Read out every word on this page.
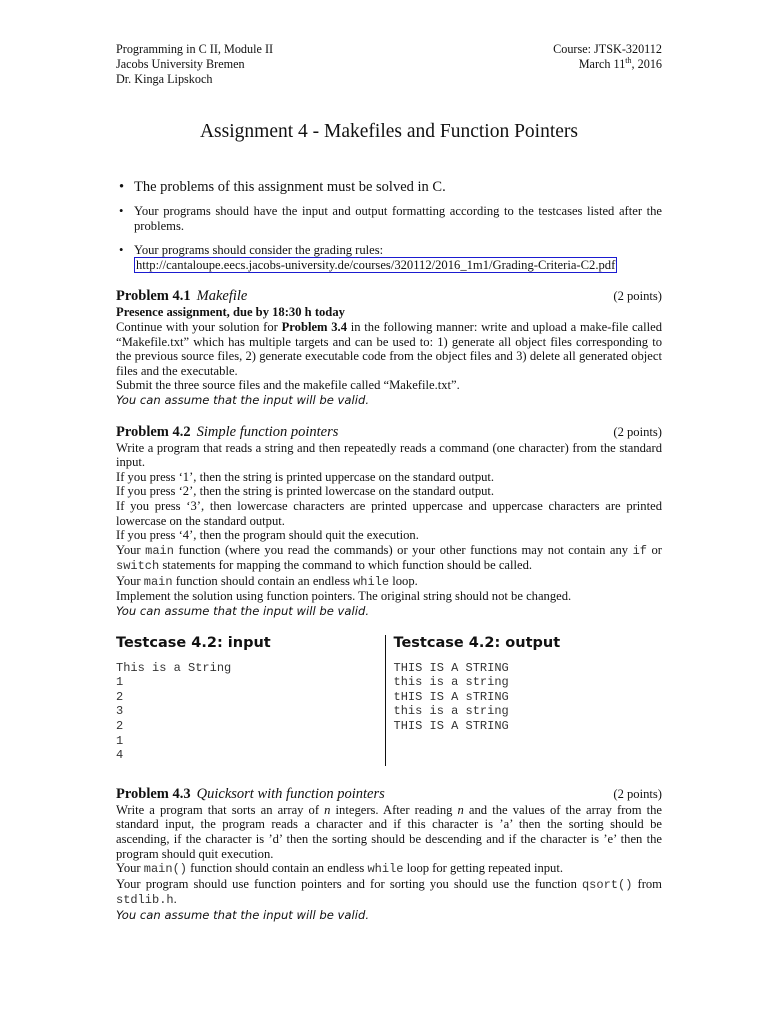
Programming in C II, Module II
Jacobs University Bremen
Dr. Kinga Lipskoch
Course: JTSK-320112
March 11th, 2016
Assignment 4 - Makefiles and Function Pointers
• The problems of this assignment must be solved in C.
• Your programs should have the input and output formatting according to the testcases listed after the problems.
• Your programs should consider the grading rules:
http://cantaloupe.eecs.jacobs-university.de/courses/320112/2016_1m1/Grading-Criteria-C2.pdf
Problem 4.1 Makefile	(2 points)

Presence assignment, due by 18:30 h today

Continue with your solution for Problem 3.4 in the following manner: write and upload a make-file called “Makefile.txt” which has multiple targets and can be used to: 1) generate all object files corresponding to the previous source files, 2) generate executable code from the object files and 3) delete all generated object files and the executable.

Submit the three source files and the makefile called “Makefile.txt”.

You can assume that the input will be valid.

Problem 4.2 Simple function pointers	(2 points)

Write a program that reads a string and then repeatedly reads a command (one character) from the standard input.

If you press ‘1’, then the string is printed uppercase on the standard output.

If you press ‘2’, then the string is printed lowercase on the standard output.

If you press ‘3’, then lowercase characters are printed uppercase and uppercase characters are printed lowercase on the standard output.

If you press ‘4’, then the program should quit the execution.

Your main function (where you read the commands) or your other functions may not contain any if or switch statements for mapping the command to which function should be called.

Your main function should contain an endless while loop.

Implement the solution using function pointers. The original string should not be changed.

You can assume that the input will be valid.

Testcase 4.2: input
This is a String
1
2
3
2
1
4
Testcase 4.2: output
THIS IS A STRING
this is a string
tHIS IS A sTRING
this is a string
THIS IS A STRING
Problem 4.3 Quicksort with function pointers	(2 points)

Write a program that sorts an array of n integers. After reading n and the values of the array from the standard input, the program reads a character and if this character is ’a’ then the sorting should be ascending, if the character is ’d’ then the sorting should be descending and if the character is ’e’ then the program should quit execution.

Your main() function should contain an endless while loop for getting repeated input.

Your program should use function pointers and for sorting you should use the function qsort() from stdlib.h.

You can assume that the input will be valid.
